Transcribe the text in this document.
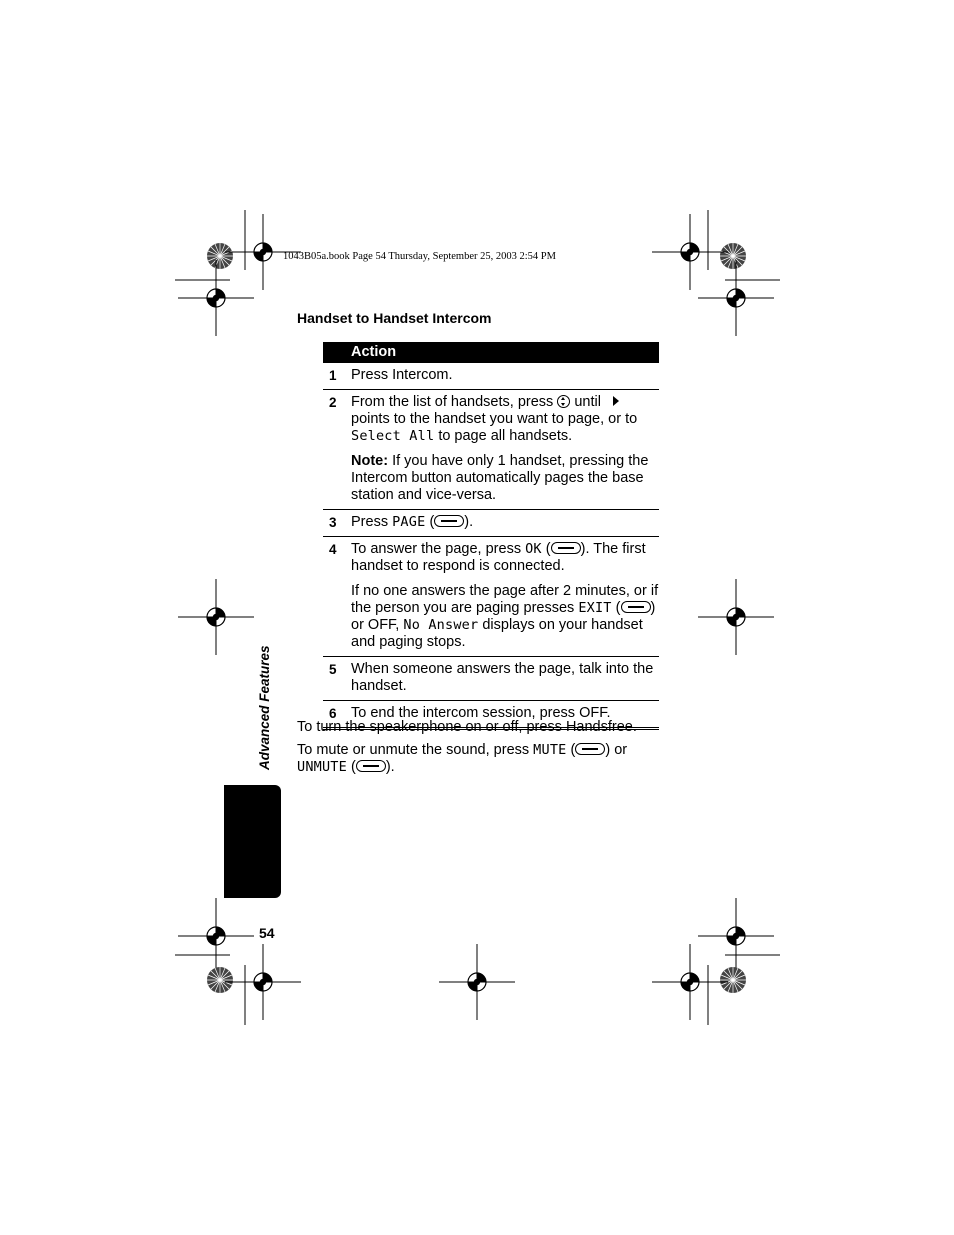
1043B05a.book Page 54 Thursday, September 25, 2003 2:54 PM
Handset to Handset Intercom
Action
1 Press Intercom.

2 From the list of handsets, press until  points to the handset you want to page, or to Select All to page all handsets.

Note: If you have only 1 handset, pressing the Intercom button automatically pages the base station and vice-versa.

3 Press PAGE ( ).

4 To answer the page, press OK ( ). The first handset to respond is connected.

If no one answers the page after 2 minutes, or if the person you are paging presses EXIT ( ) or OFF, No Answer displays on your handset and paging stops.

5 When someone answers the page, talk into the handset.

6 To end the intercom session, press OFF.

To turn the speakerphone on or off, press Handsfree.
To mute or unmute the sound, press MUTE ( ) or UNMUTE ( ).
Advanced Features
54
